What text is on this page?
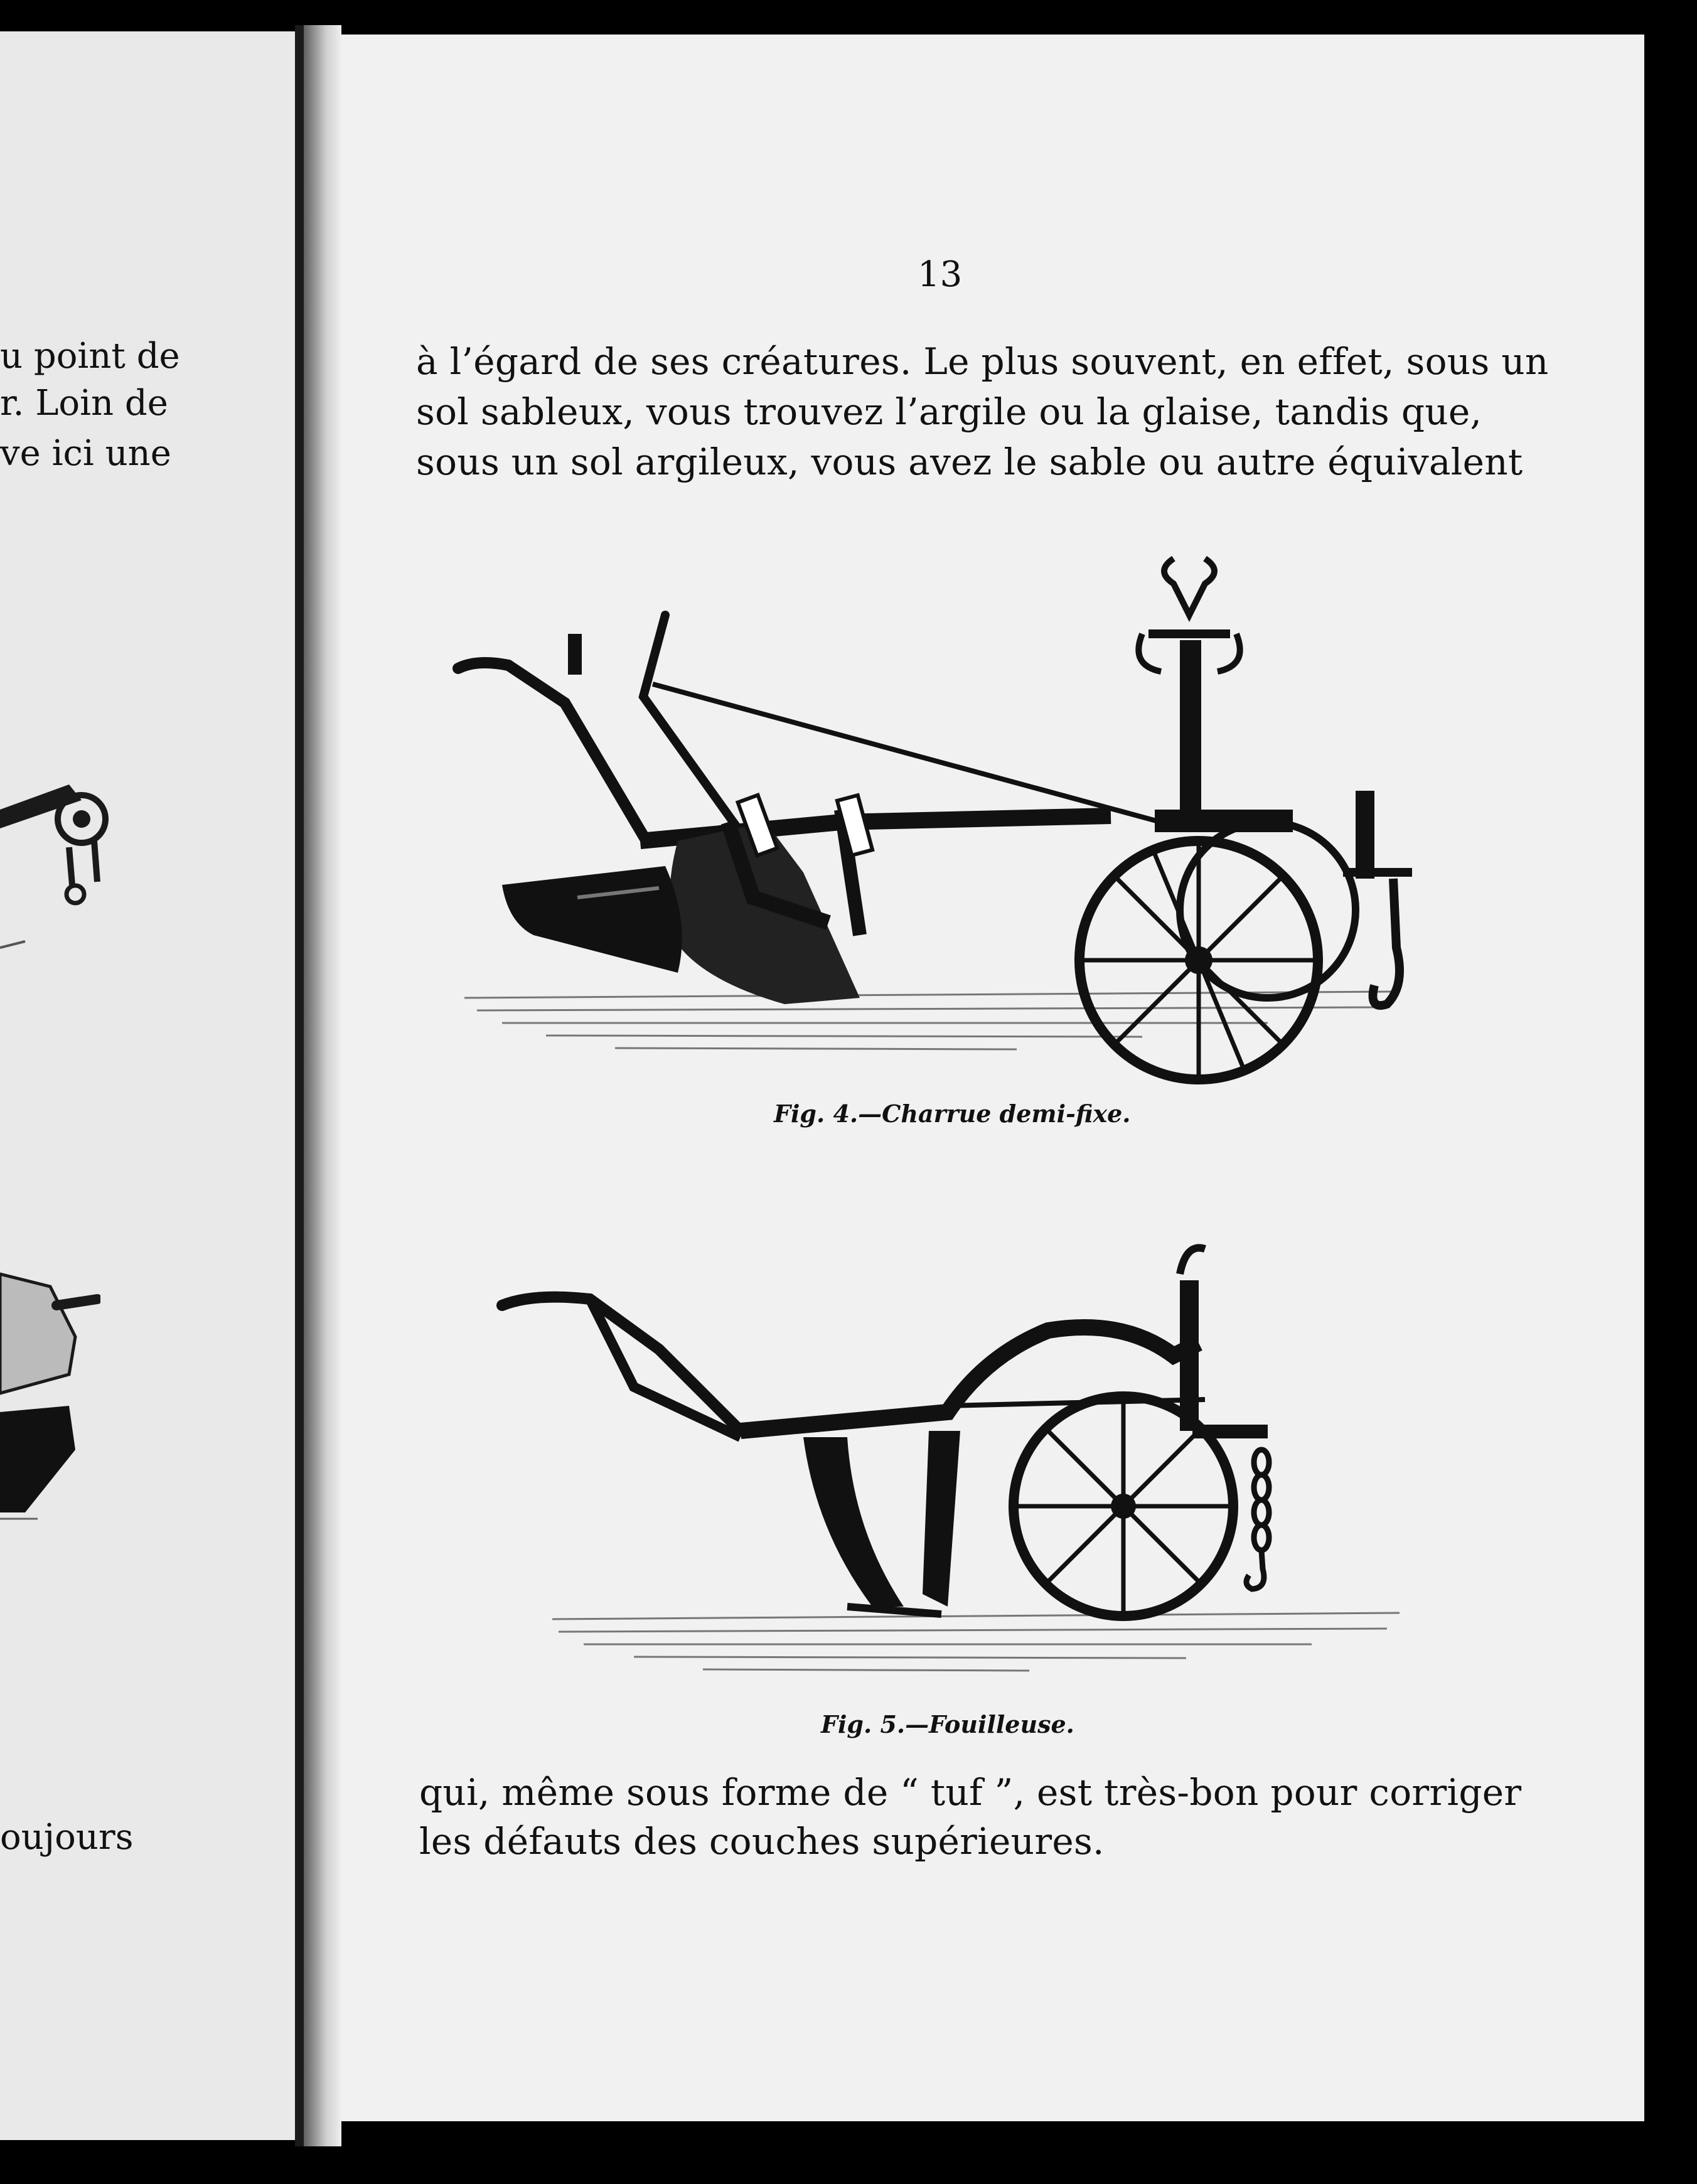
u point de
r. Loin de
ve ici une
oujours
13
à l’égard de ses créatures. Le plus souvent, en effet, sous un
sol sableux, vous trouvez l’argile ou la glaise, tandis que,
sous un sol argileux, vous avez le sable ou autre équivalent
Fig. 4.—Charrue demi-fixe.
Fig. 5.—Fouilleuse.
qui, même sous forme de “ tuf ”, est très-bon pour corriger
les défauts des couches supérieures.
